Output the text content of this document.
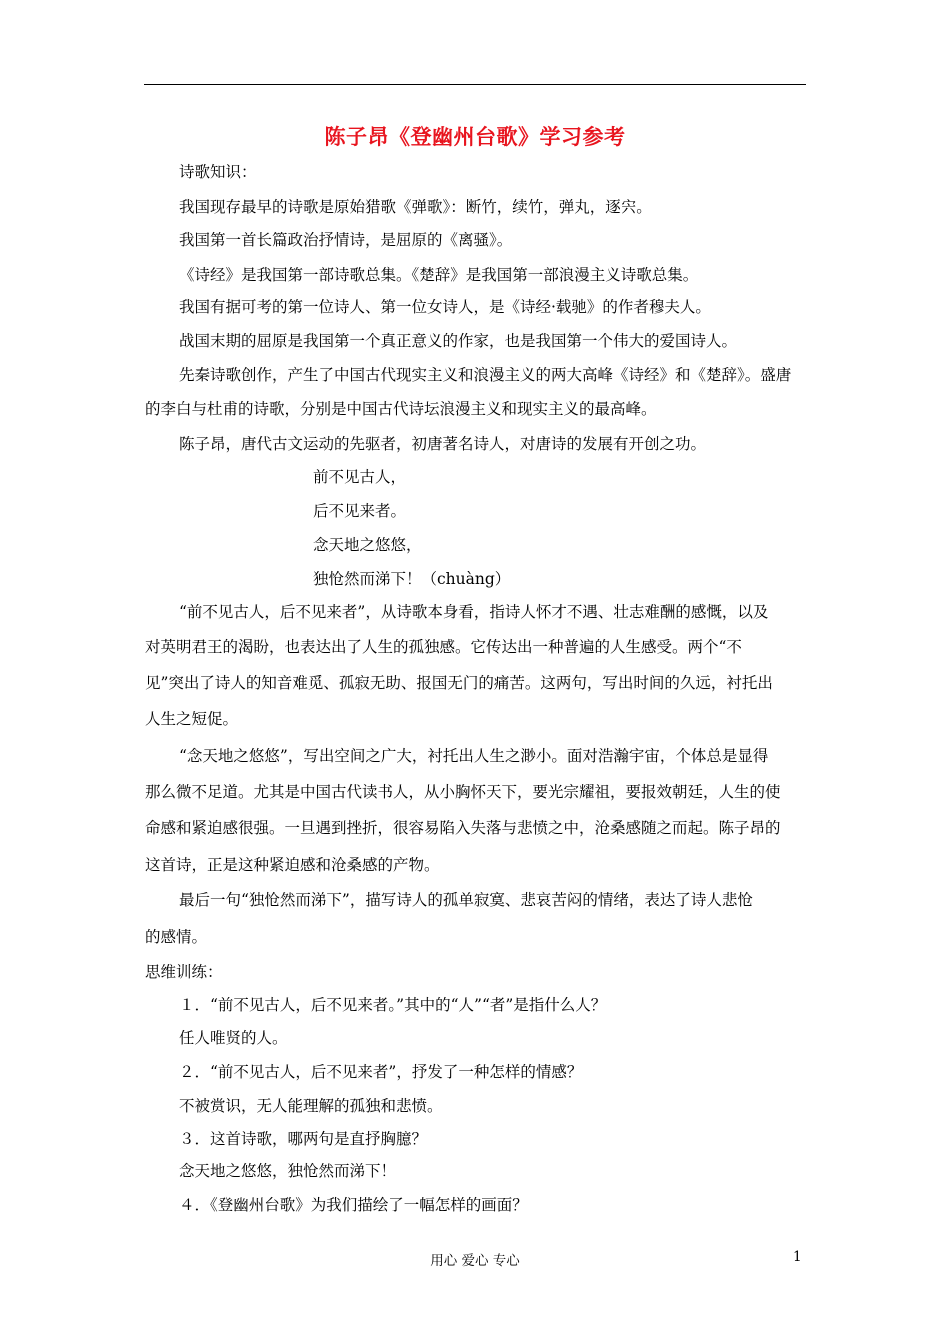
陈子昂《登幽州台歌》学习参考
诗歌知识：
我国现存最早的诗歌是原始猎歌《弹歌》：断竹，续竹，弹丸，逐宍。
我国第一首长篇政治抒情诗，是屈原的《离骚》。
《诗经》是我国第一部诗歌总集。《楚辞》是我国第一部浪漫主义诗歌总集。
我国有据可考的第一位诗人、第一位女诗人，是《诗经·载驰》的作者穆夫人。
战国末期的屈原是我国第一个真正意义的作家，也是我国第一个伟大的爱国诗人。
先秦诗歌创作，产生了中国古代现实主义和浪漫主义的两大高峰《诗经》和《楚辞》。盛唐
的李白与杜甫的诗歌，分别是中国古代诗坛浪漫主义和现实主义的最高峰。
陈子昂，唐代古文运动的先驱者，初唐著名诗人，对唐诗的发展有开创之功。
前不见古人，
后不见来者。
念天地之悠悠，
独怆然而涕下！（chuàng）
“前不见古人，后不见来者”，从诗歌本身看，指诗人怀才不遇、壮志难酬的感慨，以及
对英明君王的渴盼，也表达出了人生的孤独感。它传达出一种普遍的人生感受。两个“不
见”突出了诗人的知音难觅、孤寂无助、报国无门的痛苦。这两句，写出时间的久远，衬托出
人生之短促。
“念天地之悠悠”，写出空间之广大，衬托出人生之渺小。面对浩瀚宇宙，个体总是显得
那么微不足道。尤其是中国古代读书人，从小胸怀天下，要光宗耀祖，要报效朝廷，人生的使
命感和紧迫感很强。一旦遇到挫折，很容易陷入失落与悲愤之中，沧桑感随之而起。陈子昂的
这首诗，正是这种紧迫感和沧桑感的产物。
最后一句“独怆然而涕下”，描写诗人的孤单寂寞、悲哀苦闷的情绪，表达了诗人悲怆
的感情。
思维训练：
１．“前不见古人，后不见来者。”其中的“人”“者”是指什么人？
任人唯贤的人。
２．“前不见古人，后不见来者”，抒发了一种怎样的情感？
不被赏识，无人能理解的孤独和悲愤。
３．这首诗歌，哪两句是直抒胸臆？
念天地之悠悠，独怆然而涕下！
４．《登幽州台歌》为我们描绘了一幅怎样的画面？
用心 爱心 专心	1
